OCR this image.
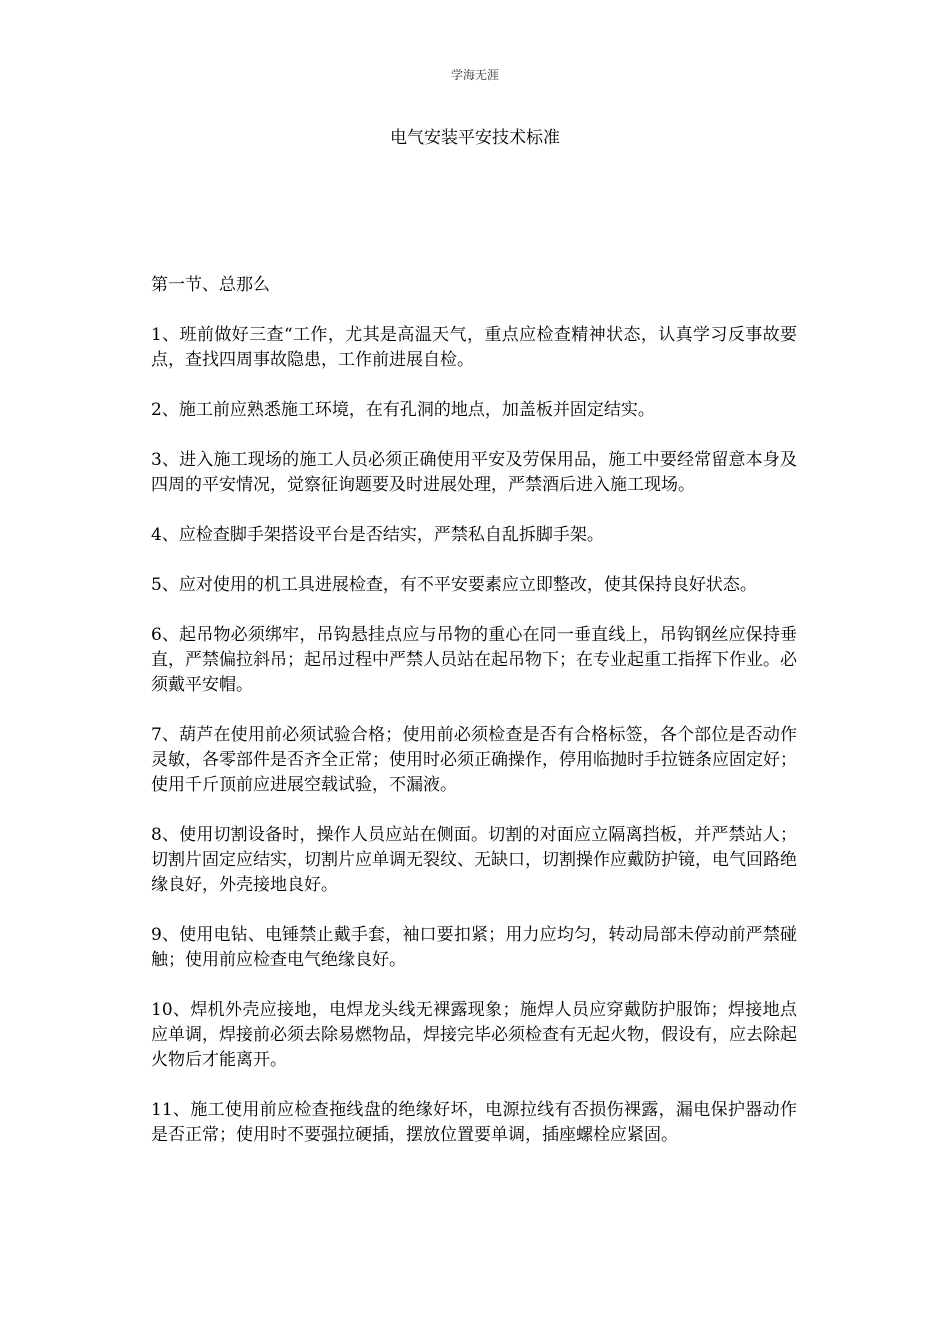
学海无涯
电气安装平安技术标准

第一节、总那么

1、班前做好三查“工作，尤其是高温天气，重点应检查精神状态，认真学习反事故要点，查找四周事故隐患，工作前进展自检。

2、施工前应熟悉施工环境，在有孔洞的地点，加盖板并固定结实。

3、进入施工现场的施工人员必须正确使用平安及劳保用品，施工中要经常留意本身及四周的平安情况，觉察征询题要及时进展处理，严禁酒后进入施工现场。

4、应检查脚手架搭设平台是否结实，严禁私自乱拆脚手架。

5、应对使用的机工具进展检查，有不平安要素应立即整改，使其保持良好状态。

6、起吊物必须绑牢，吊钩悬挂点应与吊物的重心在同一垂直线上，吊钩钢丝应保持垂直，严禁偏拉斜吊；起吊过程中严禁人员站在起吊物下；在专业起重工指挥下作业。必须戴平安帽。

7、葫芦在使用前必须试验合格；使用前必须检查是否有合格标签，各个部位是否动作灵敏，各零部件是否齐全正常；使用时必须正确操作，停用临抛时手拉链条应固定好；使用千斤顶前应进展空载试验，不漏液。

8、使用切割设备时，操作人员应站在侧面。切割的对面应立隔离挡板，并严禁站人；切割片固定应结实，切割片应单调无裂纹、无缺口，切割操作应戴防护镜，电气回路绝缘良好，外壳接地良好。

9、使用电钻、电锤禁止戴手套，袖口要扣紧；用力应均匀，转动局部未停动前严禁碰触；使用前应检查电气绝缘良好。

10、焊机外壳应接地，电焊龙头线无裸露现象；施焊人员应穿戴防护服饰；焊接地点应单调，焊接前必须去除易燃物品，焊接完毕必须检查有无起火物，假设有，应去除起火物后才能离开。

11、施工使用前应检查拖线盘的绝缘好坏，电源拉线有否损伤裸露，漏电保护器动作是否正常；使用时不要强拉硬插，摆放位置要单调，插座螺栓应紧固。
